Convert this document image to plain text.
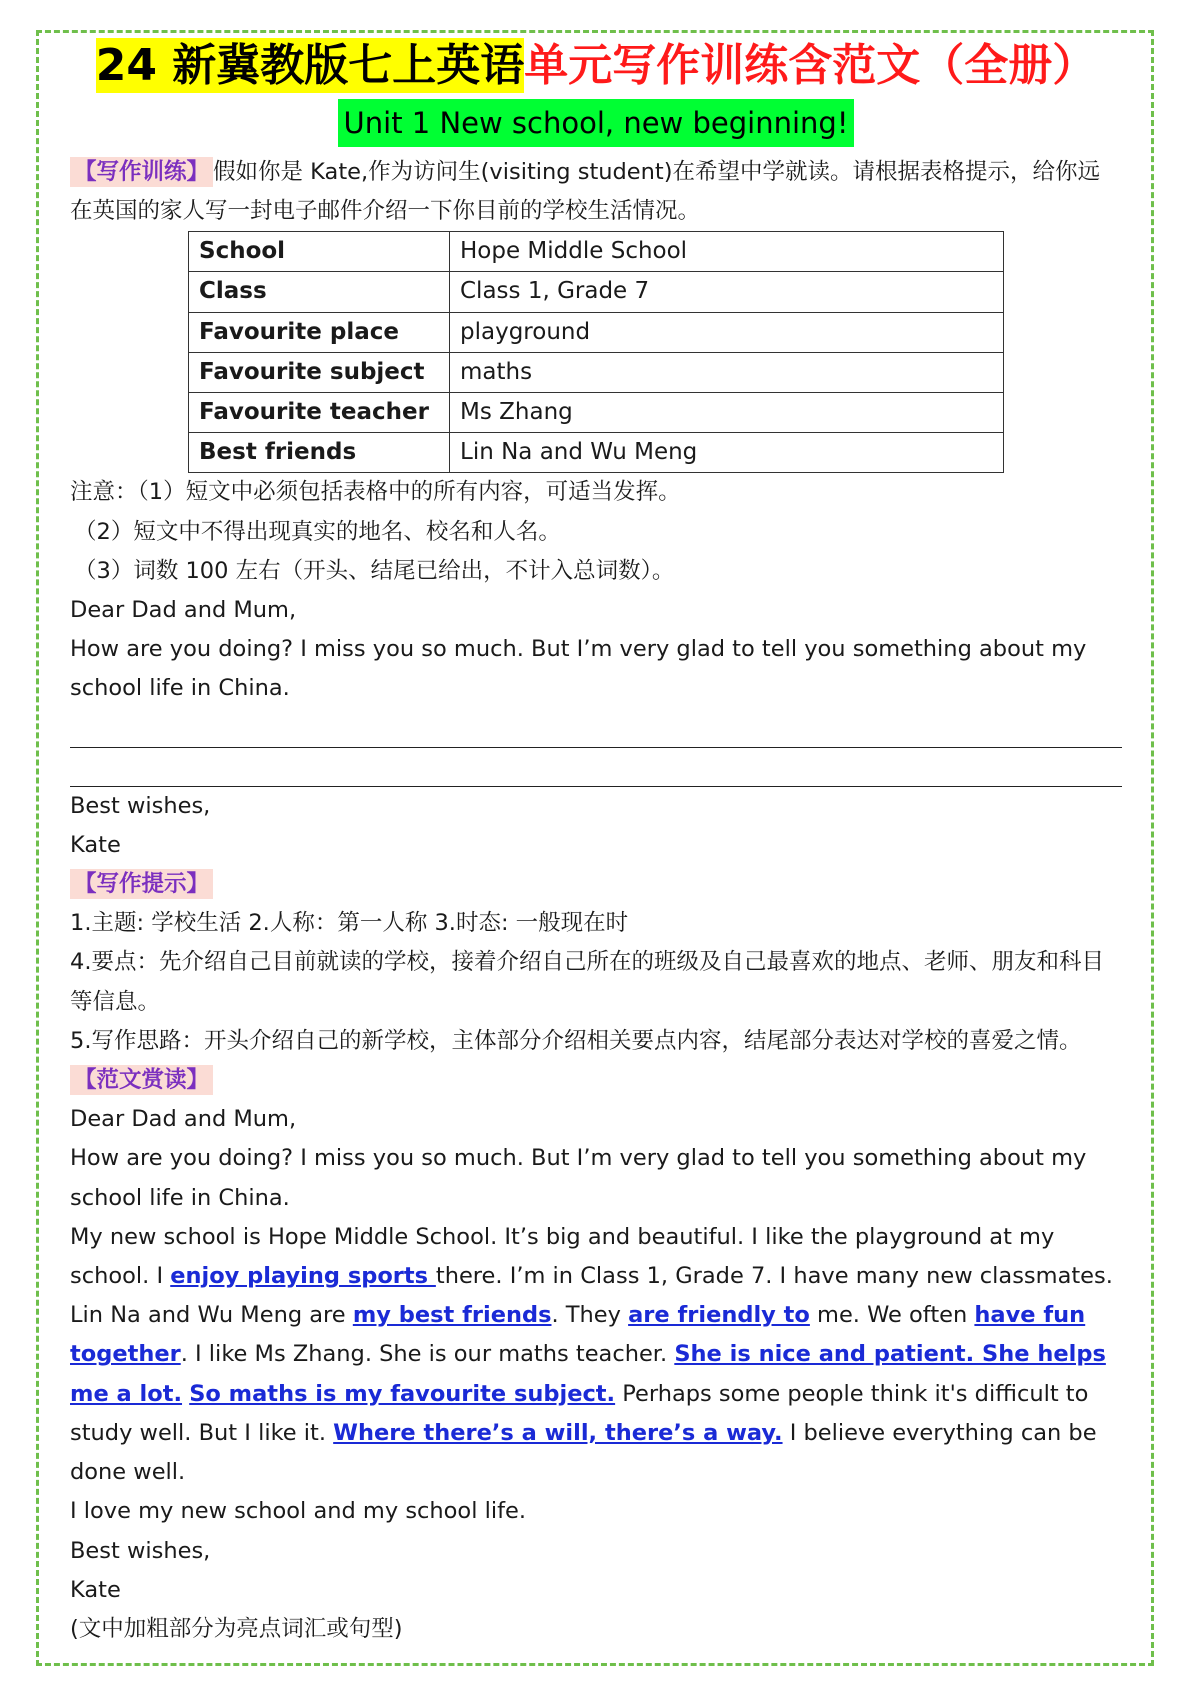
24 新冀教版七上英语单元写作训练含范文（全册）
Unit 1 New school, new beginning!

【写作训练】 假如你是 Kate,作为访问生(visiting student)在希望中学就读。请根据表格提示，给你远在英国的家人写一封电子邮件介绍一下你目前的学校生活情况。

School	Hope Middle School
Class	Class 1, Grade 7
Favourite place	playground
Favourite subject	maths
Favourite teacher	Ms Zhang
Best friends	Lin Na and Wu Meng

注意：（1）短文中必须包括表格中的所有内容，可适当发挥。

（2）短文中不得出现真实的地名、校名和人名。

（3）词数 100 左右（开头、结尾已给出，不计入总词数）。

Dear Dad and Mum,

How are you doing? I miss you so much. But I’m very glad to tell you something about my school life in China.

Best wishes,

Kate

【写作提示】

1.主题: 学校生活 2.人称：第一人称 3.时态: 一般现在时

4.要点：先介绍自己目前就读的学校，接着介绍自己所在的班级及自己最喜欢的地点、老师、朋友和科目等信息。

5.写作思路：开头介绍自己的新学校，主体部分介绍相关要点内容，结尾部分表达对学校的喜爱之情。

【范文赏读】

Dear Dad and Mum,

How are you doing? I miss you so much. But I’m very glad to tell you something about my school life in China.

My new school is Hope Middle School. It’s big and beautiful. I like the playground at my school. I enjoy playing sports there. I’m in Class 1, Grade 7. I have many new classmates. Lin Na and Wu Meng are my best friends. They are friendly to me. We often have fun together. I like Ms Zhang. She is our maths teacher. She is nice and patient. She helps me a lot. So maths is my favourite subject. Perhaps some people think it's difficult to study well. But I like it. Where there’s a will, there’s a way. I believe everything can be done well.

I love my new school and my school life.

Best wishes,

Kate

(文中加粗部分为亮点词汇或句型)
